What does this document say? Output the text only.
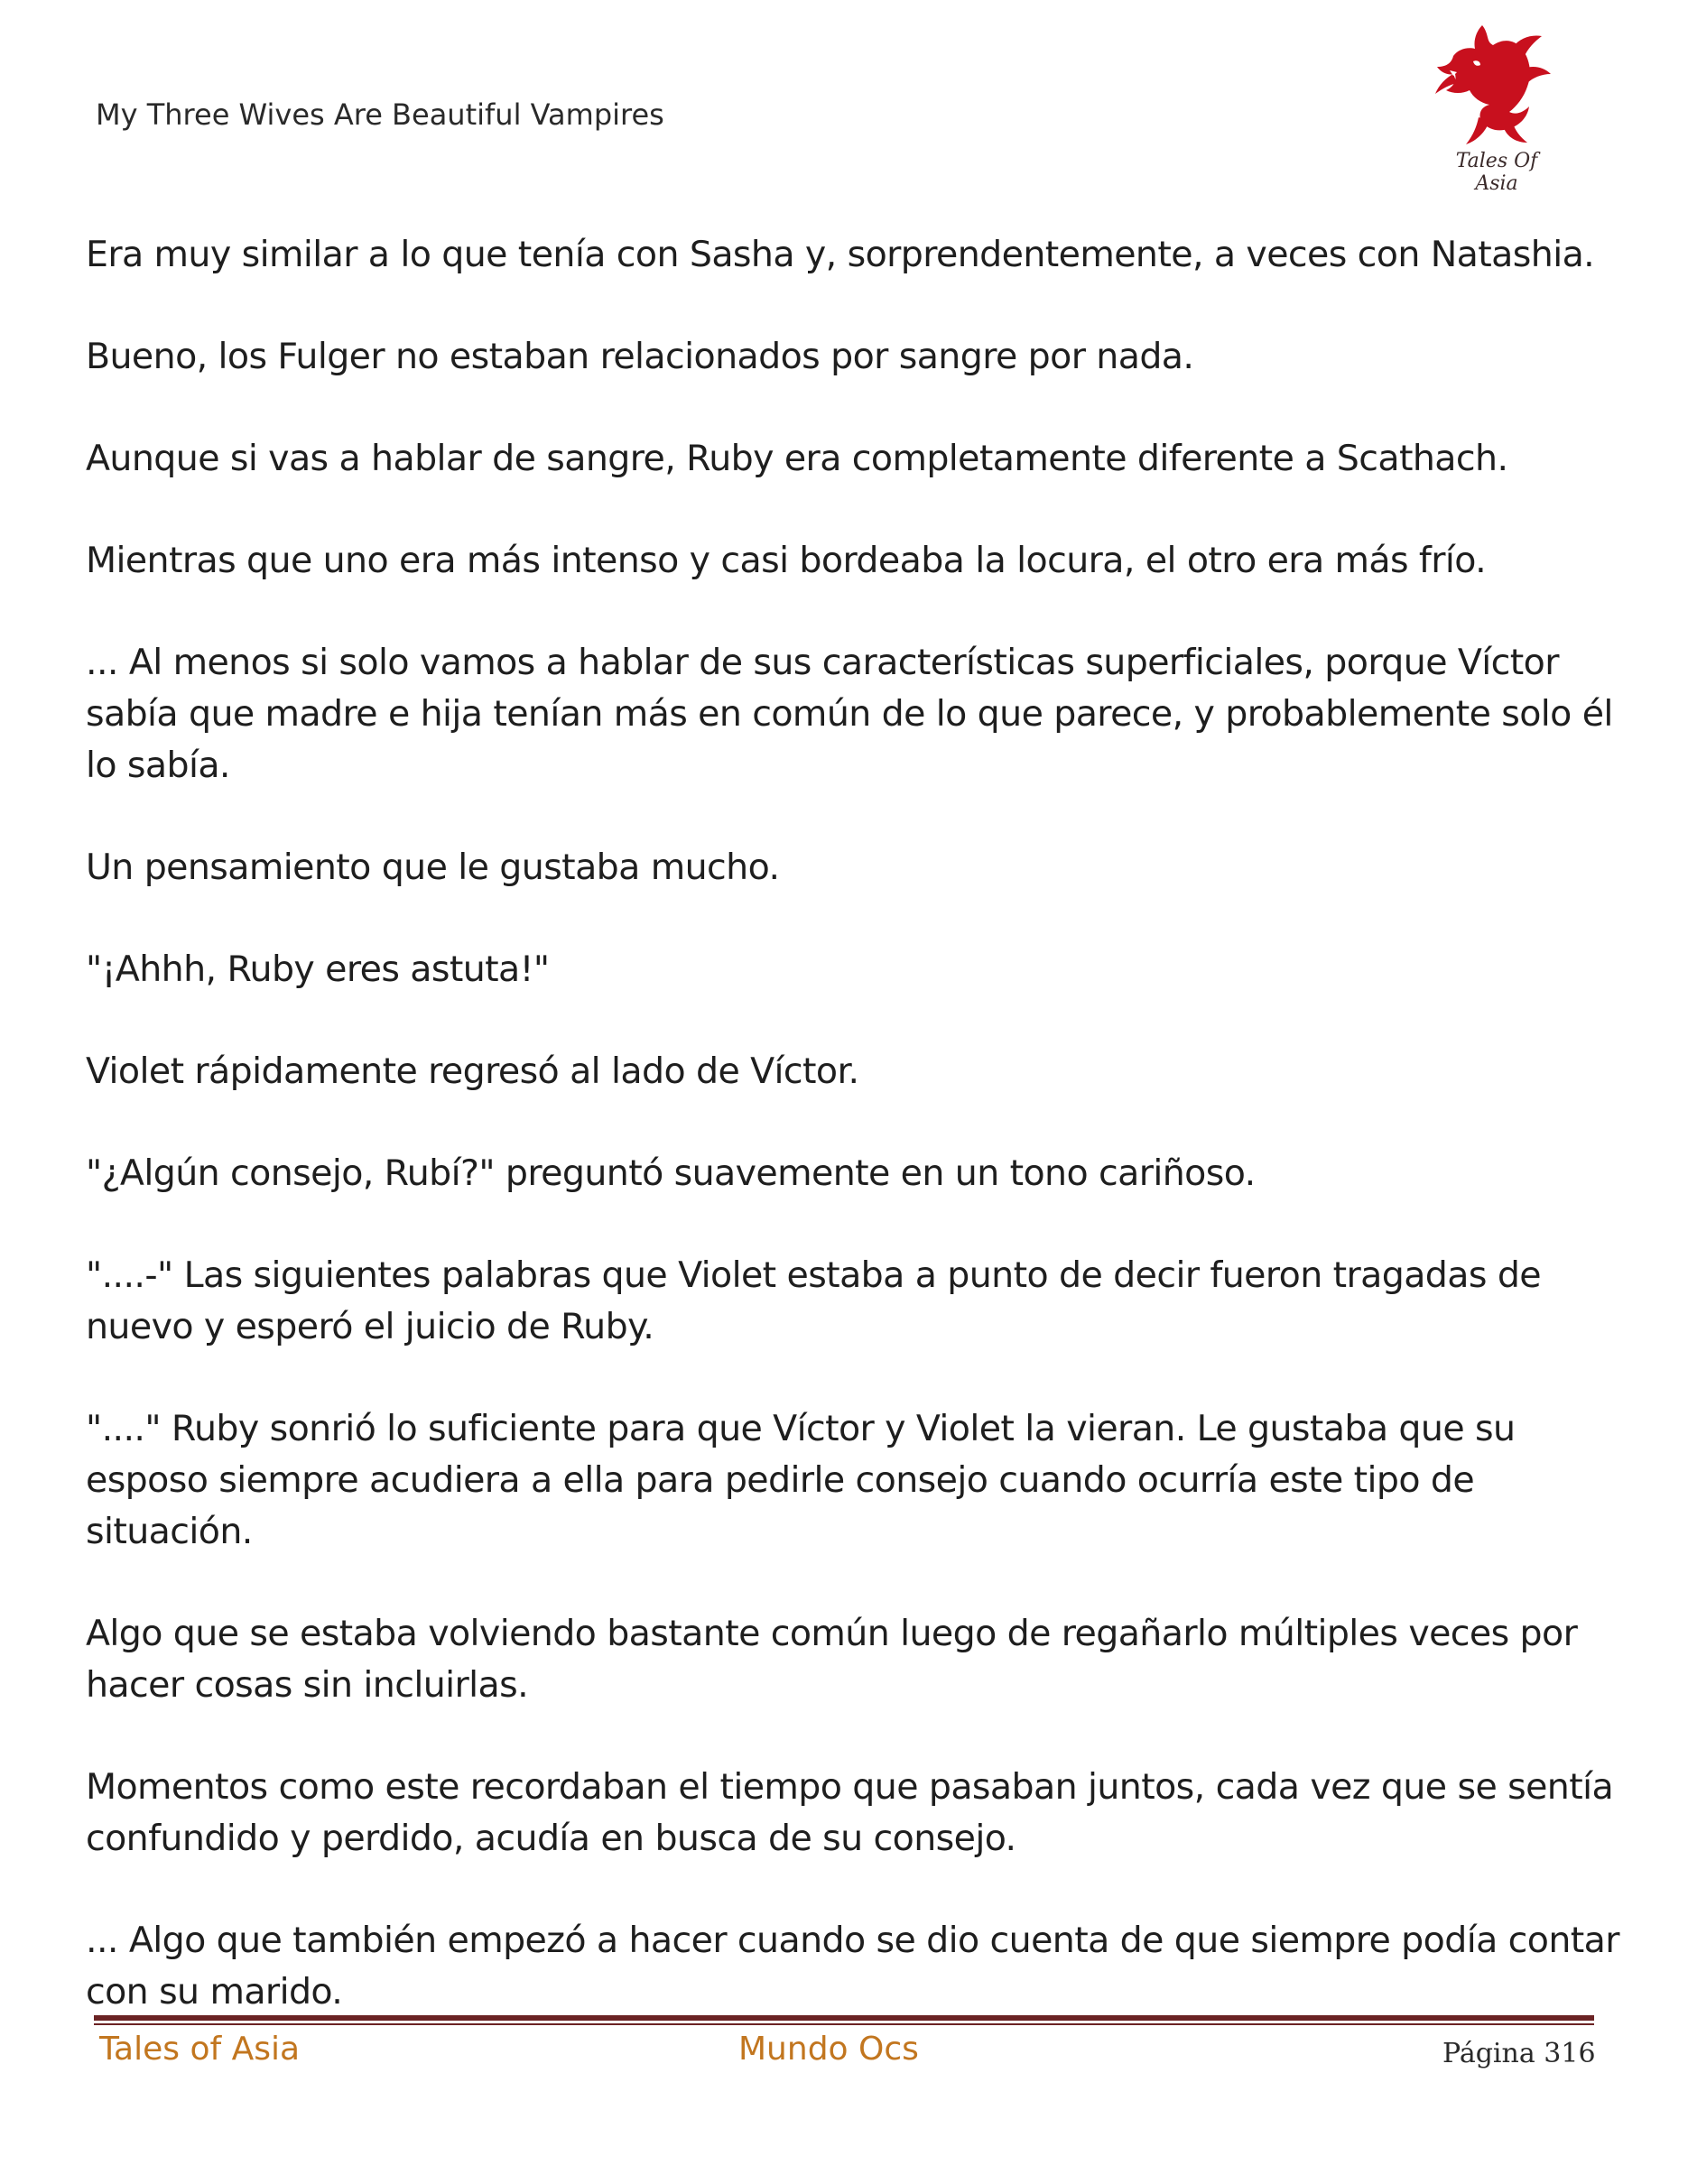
My Three Wives Are Beautiful Vampires
Tales Of Asia

Era muy similar a lo que tenía con Sasha y, sorprendentemente, a veces con Natashia.

Bueno, los Fulger no estaban relacionados por sangre por nada.

Aunque si vas a hablar de sangre, Ruby era completamente diferente a Scathach.

Mientras que uno era más intenso y casi bordeaba la locura, el otro era más frío.

... Al menos si solo vamos a hablar de sus características superficiales, porque Víctor sabía que madre e hija tenían más en común de lo que parece, y probablemente solo él lo sabía.

Un pensamiento que le gustaba mucho.

"¡Ahhh, Ruby eres astuta!"

Violet rápidamente regresó al lado de Víctor.

"¿Algún consejo, Rubí?" preguntó suavemente en un tono cariñoso.

"....-" Las siguientes palabras que Violet estaba a punto de decir fueron tragadas de nuevo y esperó el juicio de Ruby.

"...." Ruby sonrió lo suficiente para que Víctor y Violet la vieran. Le gustaba que su esposo siempre acudiera a ella para pedirle consejo cuando ocurría este tipo de situación.

Algo que se estaba volviendo bastante común luego de regañarlo múltiples veces por hacer cosas sin incluirlas.

Momentos como este recordaban el tiempo que pasaban juntos, cada vez que se sentía confundido y perdido, acudía en busca de su consejo.

... Algo que también empezó a hacer cuando se dio cuenta de que siempre podía contar con su marido.

Tales of Asia	Mundo Ocs	Página 316
